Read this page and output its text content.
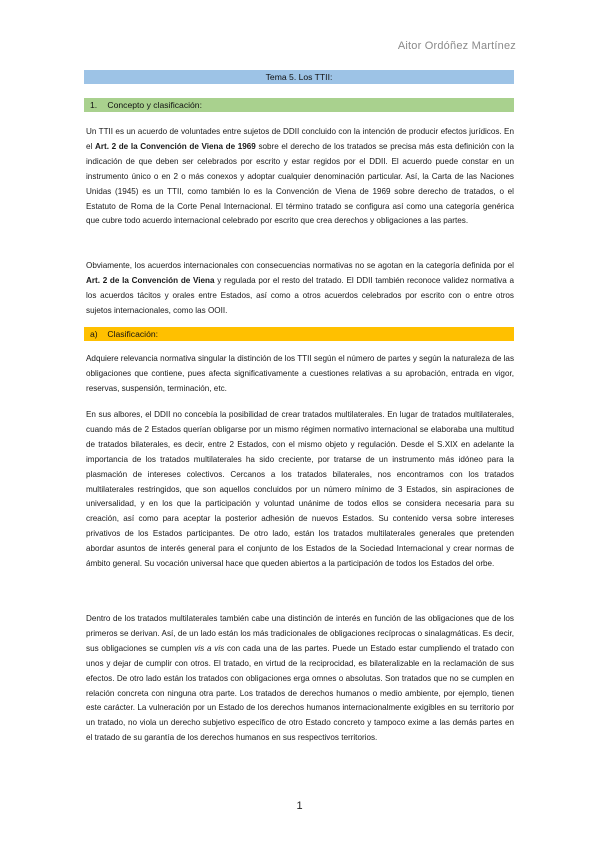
Aitor Ordóñez Martínez
Tema 5. Los TTII:
1. Concepto y clasificación:

Un TTII es un acuerdo de voluntades entre sujetos de DDII concluido con la intención de producir efectos jurídicos. En el Art. 2 de la Convención de Viena de 1969 sobre el derecho de los tratados se precisa más esta definición con la indicación de que deben ser celebrados por escrito y estar regidos por el DDII. El acuerdo puede constar en un instrumento único o en 2 o más conexos y adoptar cualquier denominación particular. Así, la Carta de las Naciones Unidas (1945) es un TTII, como también lo es la Convención de Viena de 1969 sobre derecho de tratados, o el Estatuto de Roma de la Corte Penal Internacional. El término tratado se configura así como una categoría genérica que cubre todo acuerdo internacional celebrado por escrito que crea derechos y obligaciones a las partes.

Obviamente, los acuerdos internacionales con consecuencias normativas no se agotan en la categoría definida por el Art. 2 de la Convención de Viena y regulada por el resto del tratado. El DDII también reconoce validez normativa a los acuerdos tácitos y orales entre Estados, así como a otros acuerdos celebrados por escrito con o entre otros sujetos internacionales, como las OOII.

a) Clasificación:

Adquiere relevancia normativa singular la distinción de los TTII según el número de partes y según la naturaleza de las obligaciones que contiene, pues afecta significativamente a cuestiones relativas a su aprobación, entrada en vigor, reservas, suspensión, terminación, etc.

En sus albores, el DDII no concebía la posibilidad de crear tratados multilaterales. En lugar de tratados multilaterales, cuando más de 2 Estados querían obligarse por un mismo régimen normativo internacional se elaboraba una multitud de tratados bilaterales, es decir, entre 2 Estados, con el mismo objeto y regulación. Desde el S.XIX en adelante la importancia de los tratados multilaterales ha sido creciente, por tratarse de un instrumento más idóneo para la plasmación de intereses colectivos. Cercanos a los tratados bilaterales, nos encontramos con los tratados multilaterales restringidos, que son aquellos concluidos por un número mínimo de 3 Estados, sin aspiraciones de universalidad, y en los que la participación y voluntad unánime de todos ellos se considera necesaria para su creación, así como para aceptar la posterior adhesión de nuevos Estados. Su contenido versa sobre intereses privativos de los Estados participantes. De otro lado, están los tratados multilaterales generales que pretenden abordar asuntos de interés general para el conjunto de los Estados de la Sociedad Internacional y crear normas de ámbito general. Su vocación universal hace que queden abiertos a la participación de todos los Estados del orbe.

Dentro de los tratados multilaterales también cabe una distinción de interés en función de las obligaciones que de los primeros se derivan. Así, de un lado están los más tradicionales de obligaciones recíprocas o sinalagmáticas. Es decir, sus obligaciones se cumplen vis a vis con cada una de las partes. Puede un Estado estar cumpliendo el tratado con unos y dejar de cumplir con otros. El tratado, en virtud de la reciprocidad, es bilateralizable en la reclamación de sus efectos. De otro lado están los tratados con obligaciones erga omnes o absolutas. Son tratados que no se cumplen en relación concreta con ninguna otra parte. Los tratados de derechos humanos o medio ambiente, por ejemplo, tienen este carácter. La vulneración por un Estado de los derechos humanos internacionalmente exigibles en su territorio por un tratado, no viola un derecho subjetivo específico de otro Estado concreto y tampoco exime a las demás partes en el tratado de su garantía de los derechos humanos en sus respectivos territorios.

1
